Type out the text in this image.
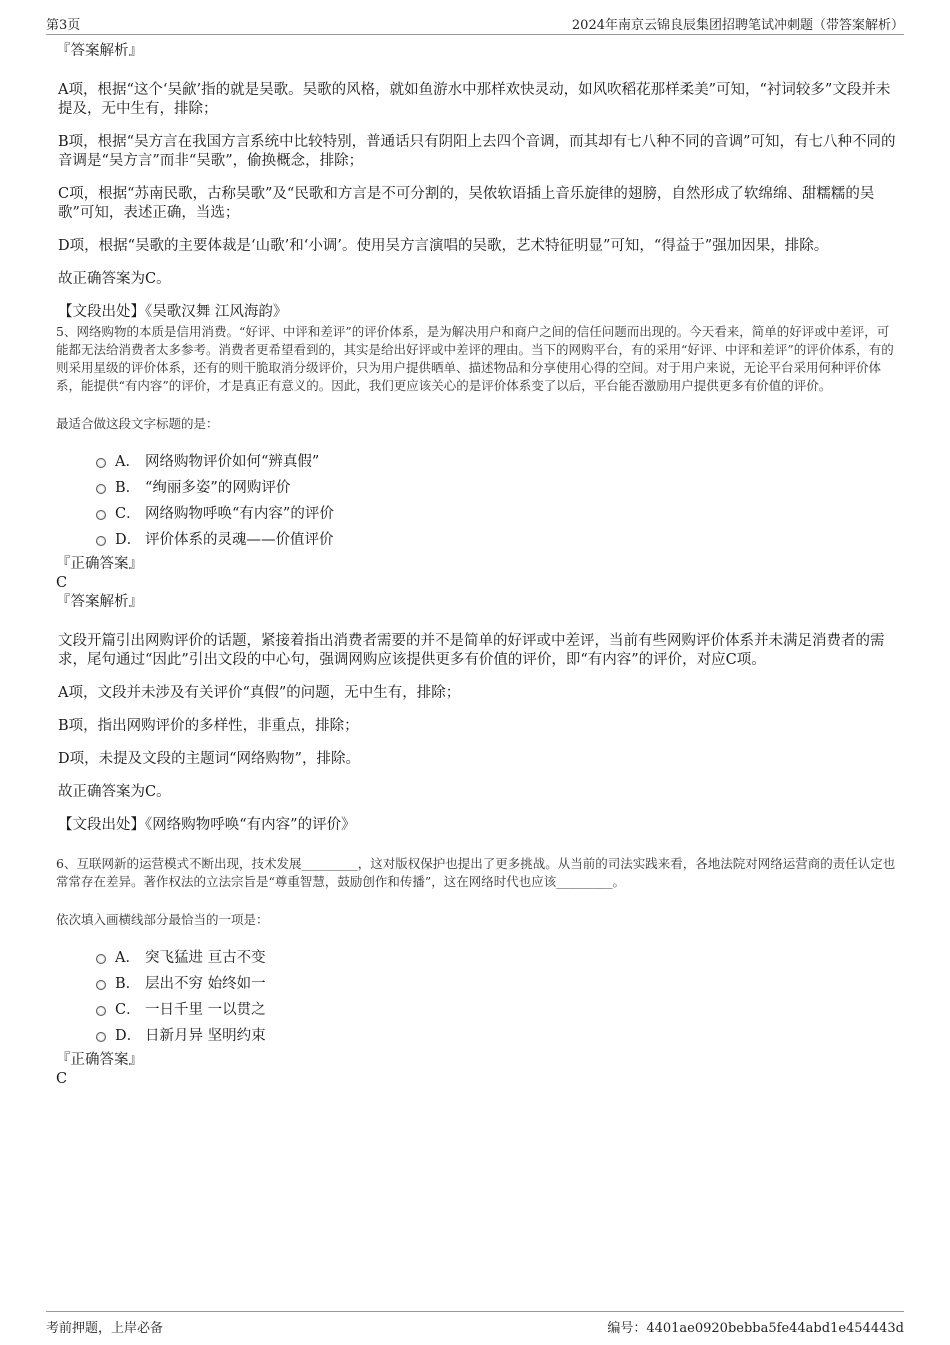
第3页	2024年南京云锦良辰集团招聘笔试冲刺题（带答案解析）

『答案解析』

A项，根据“这个‘吴歈’指的就是吴歌。吴歌的风格，就如鱼游水中那样欢快灵动，如风吹稻花那样柔美”可知，“衬词较多”文段并未提及，无中生有，排除；

B项，根据“吴方言在我国方言系统中比较特别，普通话只有阴阳上去四个音调，而其却有七八种不同的音调”可知，有七八种不同的音调是“吴方言”而非“吴歌”，偷换概念，排除；

C项，根据“苏南民歌，古称吴歌”及“民歌和方言是不可分割的，吴侬软语插上音乐旋律的翅膀，自然形成了软绵绵、甜糯糯的吴歌”可知，表述正确，当选；

D项，根据“吴歌的主要体裁是‘山歌’和‘小调’。使用吴方言演唱的吴歌，艺术特征明显”可知，“得益于”强加因果，排除。

故正确答案为C。

【文段出处】《吴歌汉舞 江风海韵》

5、网络购物的本质是信用消费。“好评、中评和差评”的评价体系，是为解决用户和商户之间的信任问题而出现的。今天看来，简单的好评或中差评，可能都无法给消费者太多参考。消费者更希望看到的，其实是给出好评或中差评的理由。当下的网购平台，有的采用“好评、中评和差评”的评价体系，有的则采用星级的评价体系，还有的则干脆取消分级评价，只为用户提供晒单、描述物品和分享使用心得的空间。对于用户来说，无论平台采用何种评价体系，能提供“有内容”的评价，才是真正有意义的。因此，我们更应该关心的是评价体系变了以后，平台能否激励用户提供更多有价值的评价。

最适合做这段文字标题的是：

A． 网络购物评价如何“辨真假”
B． “绚丽多姿”的网购评价
C． 网络购物呼唤“有内容”的评价
D． 评价体系的灵魂——价值评价

『正确答案』

C

『答案解析』

文段开篇引出网购评价的话题，紧接着指出消费者需要的并不是简单的好评或中差评，当前有些网购评价体系并未满足消费者的需求，尾句通过“因此”引出文段的中心句，强调网购应该提供更多有价值的评价，即“有内容”的评价，对应C项。

A项，文段并未涉及有关评价“真假”的问题，无中生有，排除；

B项，指出网购评价的多样性，非重点，排除；

D项，未提及文段的主题词“网络购物”，排除。

故正确答案为C。

【文段出处】《网络购物呼唤“有内容”的评价》

6、互联网新的运营模式不断出现，技术发展_________，这对版权保护也提出了更多挑战。从当前的司法实践来看，各地法院对网络运营商的责任认定也常常存在差异。著作权法的立法宗旨是“尊重智慧，鼓励创作和传播”，这在网络时代也应该_________。

依次填入画横线部分最恰当的一项是：

A． 突飞猛进 亘古不变
B． 层出不穷 始终如一
C． 一日千里 一以贯之
D． 日新月异 坚明约束

『正确答案』

C

考前押题，上岸必备	编号：4401ae0920bebba5fe44abd1e454443d
